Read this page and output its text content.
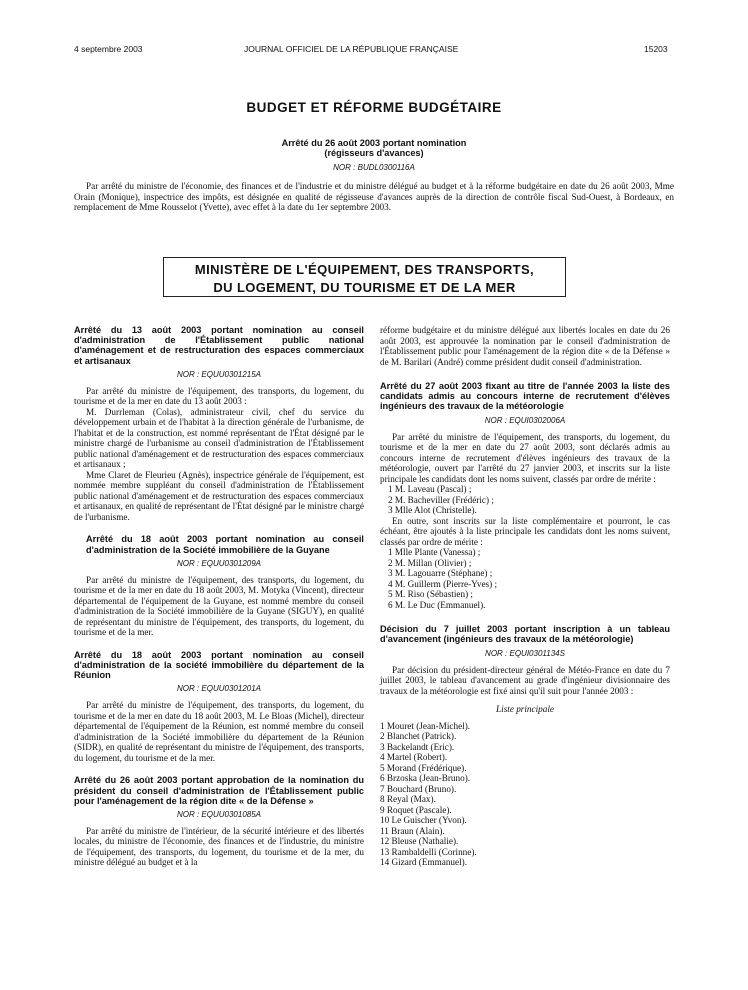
4 septembre 2003	JOURNAL OFFICIEL DE LA RÉPUBLIQUE FRANÇAISE	15203
BUDGET ET RÉFORME BUDGÉTAIRE
Arrêté du 26 août 2003 portant nomination
(régisseurs d'avances)
NOR : BUDL0300116A
Par arrêté du ministre de l'économie, des finances et de l'industrie et du ministre délégué au budget et à la réforme budgétaire en date du 26 août 2003, Mme Orain (Monique), inspectrice des impôts, est désignée en qualité de régisseuse d'avances auprès de la direction de contrôle fiscal Sud-Ouest, à Bordeaux, en remplacement de Mme Rousselot (Yvette), avec effet à la date du 1er septembre 2003.
MINISTÈRE DE L'ÉQUIPEMENT, DES TRANSPORTS,
DU LOGEMENT, DU TOURISME ET DE LA MER
Arrêté du 13 août 2003 portant nomination au conseil d'administration de l'Établissement public national d'aménagement et de restructuration des espaces commerciaux et artisanaux
NOR : EQUU0301215A

Par arrêté du ministre de l'équipement, des transports, du logement, du tourisme et de la mer en date du 13 août 2003 :

M. Durrleman (Colas), administrateur civil, chef du service du développement urbain et de l'habitat à la direction générale de l'urbanisme, de l'habitat et de la construction, est nommé représentant de l'État désigné par le ministre chargé de l'urbanisme au conseil d'administration de l'Établissement public national d'aménagement et de restructuration des espaces commerciaux et artisanaux ;

Mme Claret de Fleurieu (Agnès), inspectrice générale de l'équipement, est nommée membre suppléant du conseil d'administration de l'Établissement public national d'aménagement et de restructuration des espaces commerciaux et artisanaux, en qualité de représentant de l'État désigné par le ministre chargé de l'urbanisme.

Arrêté du 18 août 2003 portant nomination au conseil d'administration de la Société immobilière de la Guyane
NOR : EQUU0301209A

Par arrêté du ministre de l'équipement, des transports, du logement, du tourisme et de la mer en date du 18 août 2003, M. Motyka (Vincent), directeur départemental de l'équipement de la Guyane, est nommé membre du conseil d'administration de la Société immobilière de la Guyane (SIGUY), en qualité de représentant du ministre de l'équipement, des transports, du logement, du tourisme et de la mer.

Arrêté du 18 août 2003 portant nomination au conseil d'administration de la société immobilière du département de la Réunion
NOR : EQUU0301201A

Par arrêté du ministre de l'équipement, des transports, du logement, du tourisme et de la mer en date du 18 août 2003, M. Le Bloas (Michel), directeur départemental de l'équipement de la Réunion, est nommé membre du conseil d'administration de la Société immobilière du département de la Réunion (SIDR), en qualité de représentant du ministre de l'équipement, des transports, du logement, du tourisme et de la mer.

Arrêté du 26 août 2003 portant approbation de la nomination du président du conseil d'administration de l'Établissement public pour l'aménagement de la région dite « de la Défense »
NOR : EQUU0301085A

Par arrêté du ministre de l'intérieur, de la sécurité intérieure et des libertés locales, du ministre de l'économie, des finances et de l'industrie, du ministre de l'équipement, des transports, du logement, du tourisme et de la mer, du ministre délégué au budget et à la

réforme budgétaire et du ministre délégué aux libertés locales en date du 26 août 2003, est approuvée la nomination par le conseil d'administration de l'Établissement public pour l'aménagement de la région dite « de la Défense » de M. Barilari (André) comme président dudit conseil d'administration.

Arrêté du 27 août 2003 fixant au titre de l'année 2003 la liste des candidats admis au concours interne de recrutement d'élèves ingénieurs des travaux de la météorologie
NOR : EQUI0302006A

Par arrêté du ministre de l'équipement, des transports, du logement, du tourisme et de la mer en date du 27 août 2003, sont déclarés admis au concours interne de recrutement d'élèves ingénieurs des travaux de la météorologie, ouvert par l'arrêté du 27 janvier 2003, et inscrits sur la liste principale les candidats dont les noms suivent, classés par ordre de mérite :

1 M. Laveau (Pascal) ;
2 M. Bacheviller (Frédéric) ;
3 Mlle Alot (Christelle).

En outre, sont inscrits sur la liste complémentaire et pourront, le cas échéant, être ajoutés à la liste principale les candidats dont les noms suivent, classés par ordre de mérite :

1 Mlle Plante (Vanessa) ;
2 M. Millan (Olivier) ;
3 M. Lagouarre (Stéphane) ;
4 M. Guillerm (Pierre-Yves) ;
5 M. Riso (Sébastien) ;
6 M. Le Duc (Emmanuel).
Décision du 7 juillet 2003 portant inscription à un tableau d'avancement (ingénieurs des travaux de la météorologie)
NOR : EQUI0301134S

Par décision du président-directeur général de Météo-France en date du 7 juillet 2003, le tableau d'avancement au grade d'ingénieur divisionnaire des travaux de la météorologie est fixé ainsi qu'il suit pour l'année 2003 :

Liste principale
1 Mouret (Jean-Michel).
2 Blanchet (Patrick).
3 Backelandt (Eric).
4 Martel (Robert).
5 Morand (Frédérique).
6 Brzoska (Jean-Bruno).
7 Bouchard (Bruno).
8 Reyal (Max).
9 Roquet (Pascale).
10 Le Guischer (Yvon).
11 Braun (Alain).
12 Bleuse (Nathalie).
13 Rambaldelli (Corinne).
14 Gizard (Emmanuel).
